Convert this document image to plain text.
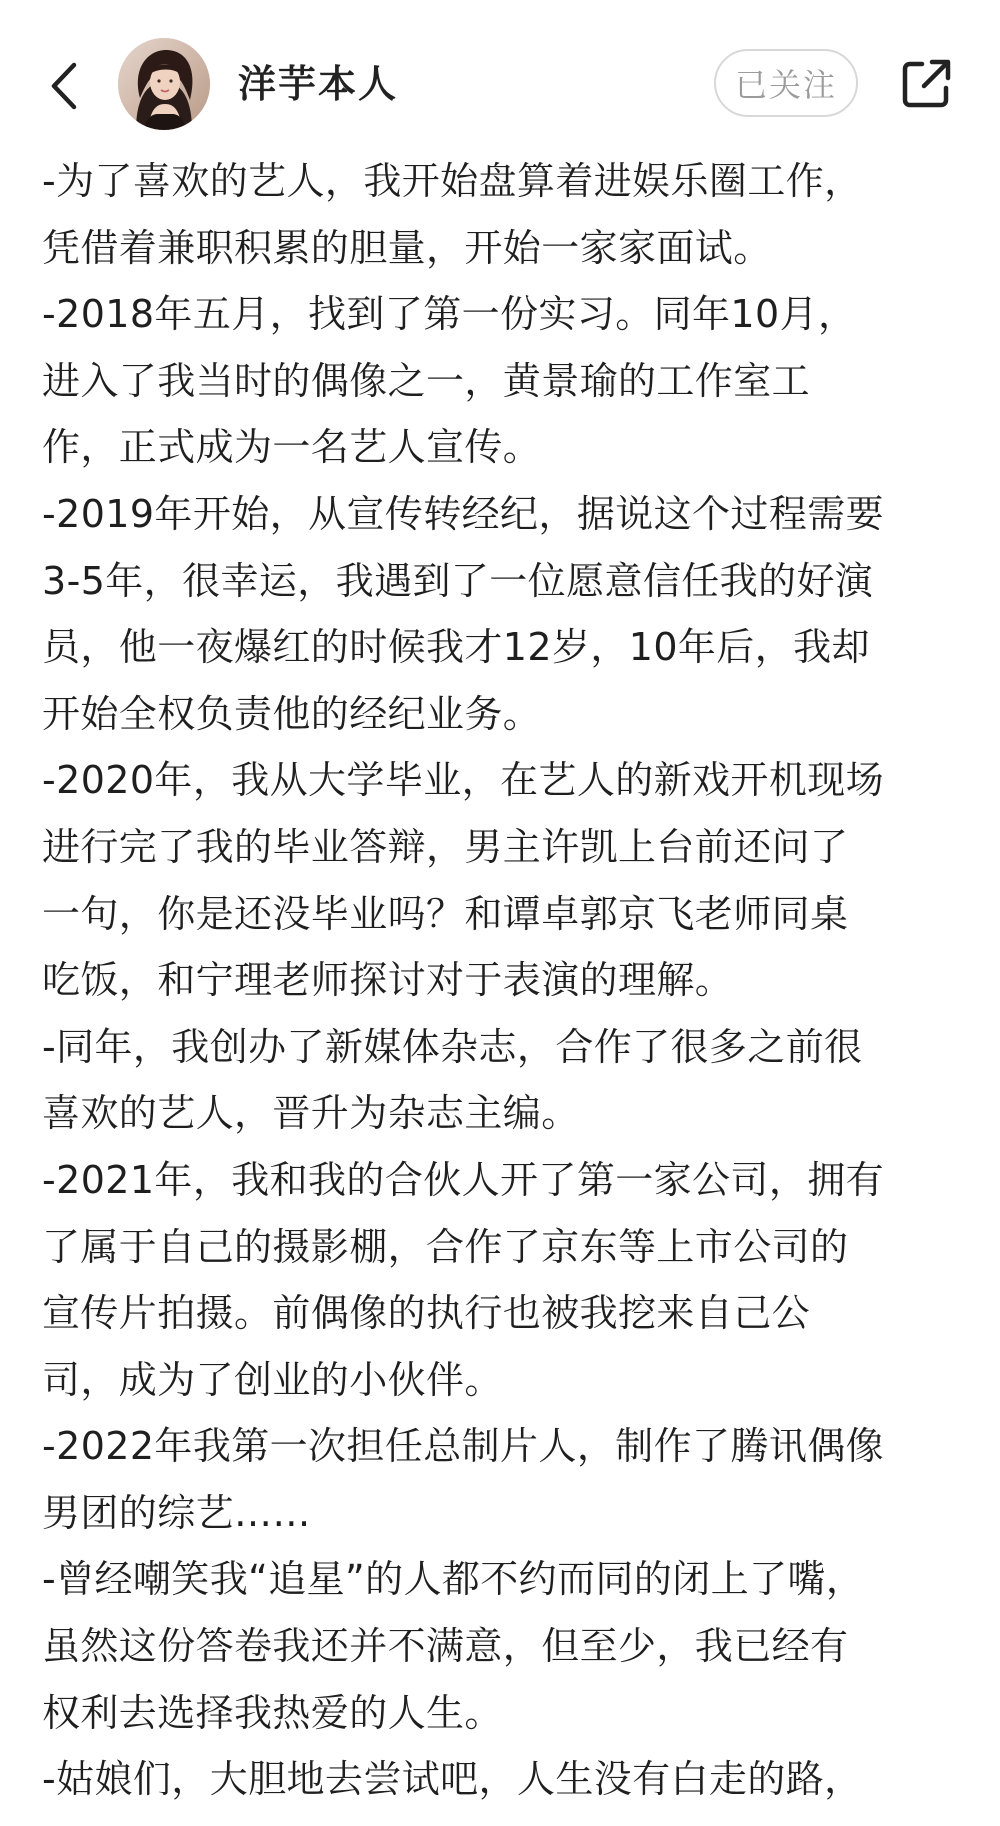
洋芋本人	已关注
-为了喜欢的艺人，我开始盘算着进娱乐圈工作，
凭借着兼职积累的胆量，开始一家家面试。
-2018年五月，找到了第一份实习。同年10月，
进入了我当时的偶像之一，黄景瑜的工作室工
作，正式成为一名艺人宣传。
-2019年开始，从宣传转经纪，据说这个过程需要
3-5年，很幸运，我遇到了一位愿意信任我的好演
员，他一夜爆红的时候我才12岁，10年后，我却
开始全权负责他的经纪业务。
-2020年，我从大学毕业，在艺人的新戏开机现场
进行完了我的毕业答辩，男主许凯上台前还问了
一句，你是还没毕业吗？和谭卓郭京飞老师同桌
吃饭，和宁理老师探讨对于表演的理解。
-同年，我创办了新媒体杂志，合作了很多之前很
喜欢的艺人，晋升为杂志主编。
-2021年，我和我的合伙人开了第一家公司，拥有
了属于自己的摄影棚，合作了京东等上市公司的
宣传片拍摄。前偶像的执行也被我挖来自己公
司，成为了创业的小伙伴。
-2022年我第一次担任总制片人，制作了腾讯偶像
男团的综艺……
-曾经嘲笑我“追星”的人都不约而同的闭上了嘴，
虽然这份答卷我还并不满意，但至少，我已经有
权利去选择我热爱的人生。
-姑娘们，大胆地去尝试吧，人生没有白走的路，
